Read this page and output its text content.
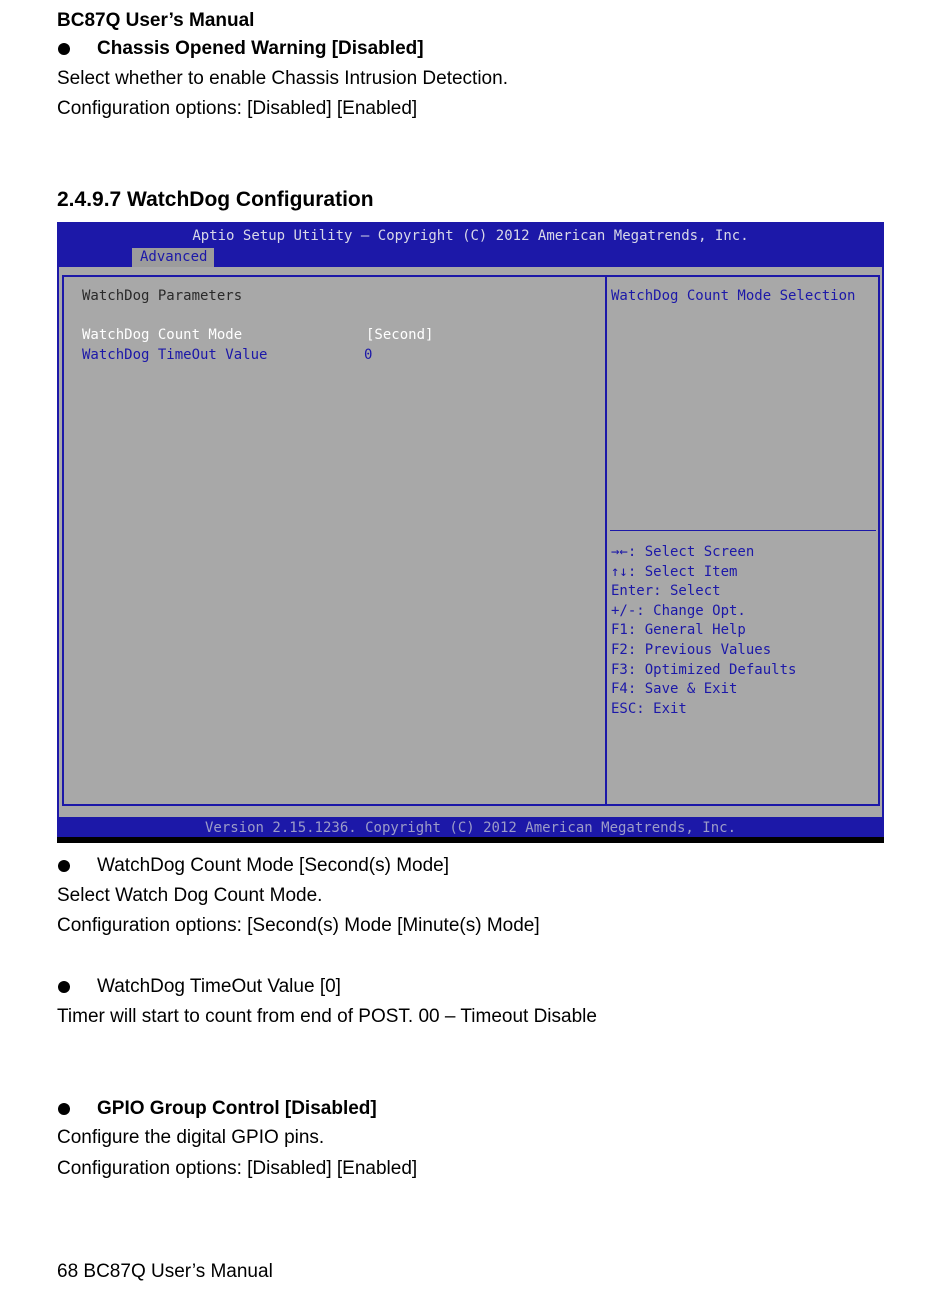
BC87Q User’s Manual
Chassis Opened Warning [Disabled]
Select whether to enable Chassis Intrusion Detection.
Configuration options: [Disabled] [Enabled]
2.4.9.7 WatchDog Configuration
Aptio Setup Utility – Copyright (C) 2012 American Megatrends, Inc.
Advanced
WatchDog Parameters
WatchDog Count Mode	[Second]
WatchDog TimeOut Value	0
WatchDog Count Mode Selection
→←: Select Screen
↑↓: Select Item
Enter: Select
+/-: Change Opt.
F1: General Help
F2: Previous Values
F3: Optimized Defaults
F4: Save & Exit
ESC: Exit
Version 2.15.1236. Copyright (C) 2012 American Megatrends, Inc.
WatchDog Count Mode [Second(s) Mode]
Select Watch Dog Count Mode.
Configuration options: [Second(s) Mode [Minute(s) Mode]
WatchDog TimeOut Value [0]
Timer will start to count from end of POST. 00 – Timeout Disable
GPIO Group Control [Disabled]
Configure the digital GPIO pins.
Configuration options: [Disabled] [Enabled]
68 BC87Q User’s Manual
